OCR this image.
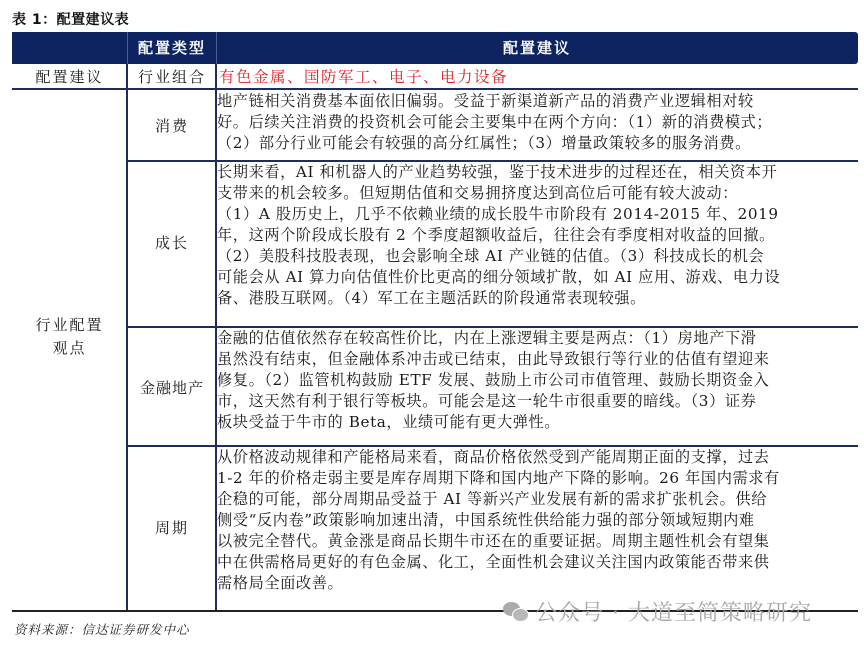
表 1：配置建议表
配置类型	配置建议
配置建议	行业组合 有色金属、国防军工、电子、电力设备
行业配置
观点
消费
地产链相关消费基本面依旧偏弱。受益于新渠道新产品的消费产业逻辑相对较
好。后续关注消费的投资机会可能会主要集中在两个方向：（1）新的消费模式；
（2）部分行业可能会有较强的高分红属性；（3）增量政策较多的服务消费。
成长
长期来看，AI 和机器人的产业趋势较强，鉴于技术进步的过程还在，相关资本开
支带来的机会较多。但短期估值和交易拥挤度达到高位后可能有较大波动：
（1）A 股历史上，几乎不依赖业绩的成长股牛市阶段有 2014-2015 年、2019
年，这两个阶段成长股有 2 个季度超额收益后，往往会有季度相对收益的回撤。
（2）美股科技股表现，也会影响全球 AI 产业链的估值。（3）科技成长的机会
可能会从 AI 算力向估值性价比更高的细分领域扩散，如 AI 应用、游戏、电力设
备、港股互联网。（4）军工在主题活跃的阶段通常表现较强。
金融地产
金融的估值依然存在较高性价比，内在上涨逻辑主要是两点：（1）房地产下滑
虽然没有结束，但金融体系冲击或已结束，由此导致银行等行业的估值有望迎来
修复。（2）监管机构鼓励 ETF 发展、鼓励上市公司市值管理、鼓励长期资金入
市，这天然有利于银行等板块。可能会是这一轮牛市很重要的暗线。（3）证券
板块受益于牛市的 Beta，业绩可能有更大弹性。
周期
从价格波动规律和产能格局来看，商品价格依然受到产能周期正面的支撑，过去
1-2 年的价格走弱主要是库存周期下降和国内地产下降的影响。26 年国内需求有
企稳的可能，部分周期品受益于 AI 等新兴产业发展有新的需求扩张机会。供给
侧受“反内卷”政策影响加速出清，中国系统性供给能力强的部分领域短期内难
以被完全替代。黄金涨是商品长期牛市还在的重要证据。周期主题性机会有望集
中在供需格局更好的有色金属、化工，全面性机会建议关注国内政策能否带来供
需格局全面改善。
资料来源：信达证券研发中心
公众号 · 大道至简策略研究
